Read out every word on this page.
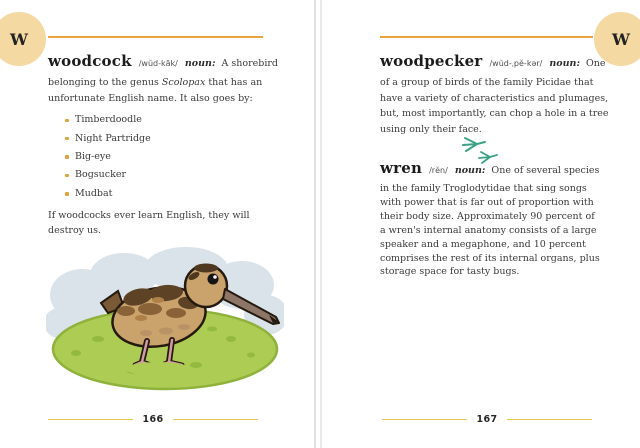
W
woodcock /wŭd-kăk/ noun: A shorebird
belonging to the genus Scolopax that has an
unfortunate English name. It also goes by:
Timberdoodle
Night Partridge
Big-eye
Bogsucker
Mudbat
If woodcocks ever learn English, they will
destroy us.
166
W
woodpecker /wŭd-ˌpĕ-kər/ noun: One
of a group of birds of the family Picidae that
have a variety of characteristics and plumages,
but, most importantly, can chop a hole in a tree
using only their face.
wren /rĕn/ noun: One of several species
in the family Troglodytidae that sing songs
with power that is far out of proportion with
their body size. Approximately 90 percent of
a wren's internal anatomy consists of a large
speaker and a megaphone, and 10 percent
comprises the rest of its internal organs, plus
storage space for tasty bugs.
167
